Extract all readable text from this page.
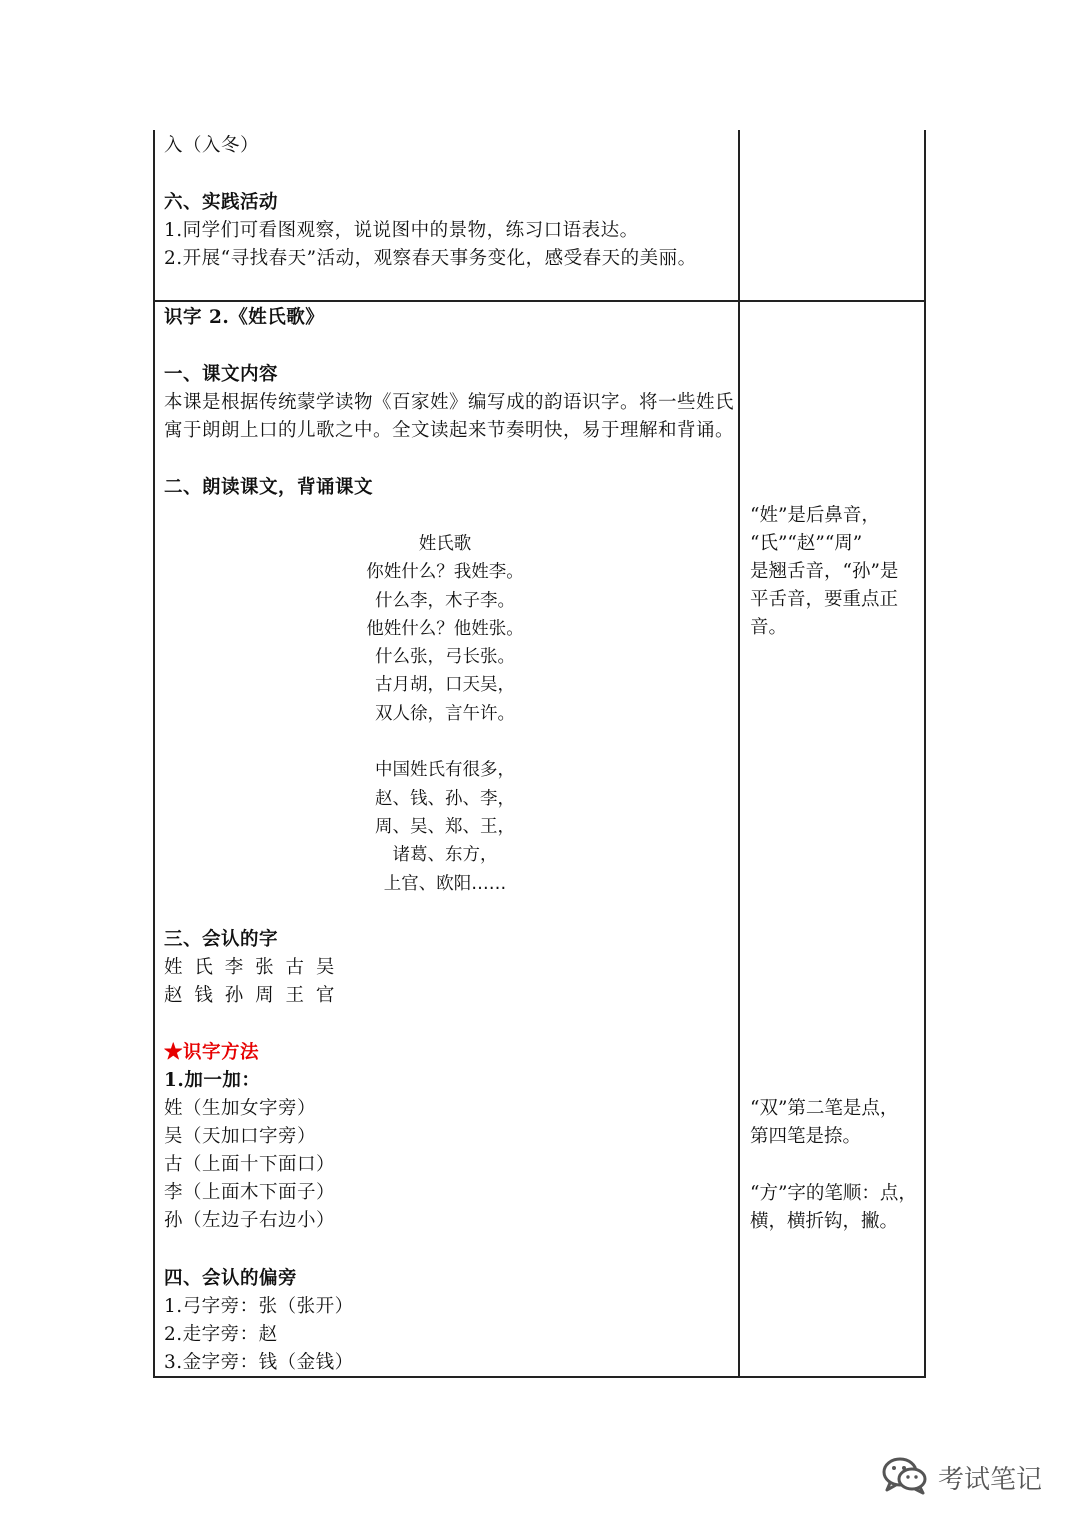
入（入冬）
六、实践活动
1.同学们可看图观察，说说图中的景物，练习口语表达。
2.开展“寻找春天”活动，观察春天事务变化，感受春天的美丽。
识字 2.《姓氏歌》
一、课文内容
本课是根据传统蒙学读物《百家姓》编写成的韵语识字。将一些姓氏
寓于朗朗上口的儿歌之中。全文读起来节奏明快，易于理解和背诵。
二、朗读课文，背诵课文
姓氏歌
你姓什么？我姓李。
什么李，木子李。
他姓什么？他姓张。
什么张，弓长张。
古月胡，口天吴，
双人徐，言午许。
中国姓氏有很多，
赵、钱、孙、李，
周、吴、郑、王，
诸葛、东方，
上官、欧阳……
三、会认的字
姓 氏 李 张 古 吴
赵 钱 孙 周 王 官
★识字方法
1.加一加：
姓（生加女字旁）
吴（天加口字旁）
古（上面十下面口）
李（上面木下面子）
孙（左边子右边小）
四、会认的偏旁
1.弓字旁：张（张开）
2.走字旁：赵
3.金字旁：钱（金钱）
“姓”是后鼻音，
“氏”“赵”“周”
是翘舌音，“孙”是
平舌音，要重点正
音。
“双”第二笔是点，
第四笔是捺。
“方”字的笔顺：点，
横，横折钩，撇。
考试笔记
